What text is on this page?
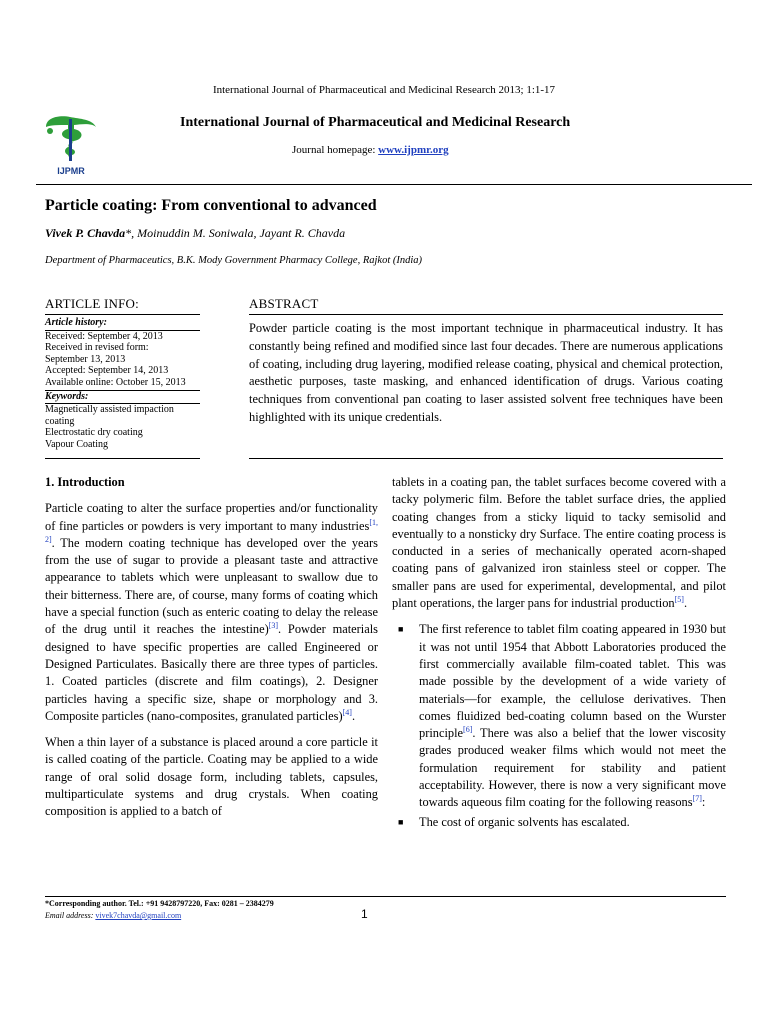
International Journal of Pharmaceutical and Medicinal Research 2013; 1:1-17
IJPMR
International Journal of Pharmaceutical and Medicinal Research
Journal homepage: www.ijpmr.org
Particle coating: From conventional to advanced
Vivek P. Chavda*, Moinuddin M. Soniwala, Jayant R. Chavda
Department of Pharmaceutics, B.K. Mody Government Pharmacy College, Rajkot (India)
ARTICLE INFO:	ABSTRACT
Article history:
Received: September 4, 2013
Received in revised form:
September 13, 2013
Accepted: September 14, 2013
Available online: October 15, 2013
Keywords:
Magnetically assisted impaction coating
Electrostatic dry coating
Vapour Coating
Powder particle coating is the most important technique in pharmaceutical industry. It has constantly being refined and modified since last four decades. There are numerous applications of coating, including drug layering, modified release coating, physical and chemical protection, aesthetic purposes, taste masking, and enhanced identification of drugs. Various coating techniques from conventional pan coating to laser assisted solvent free techniques have been highlighted with its unique credentials.
1. Introduction

Particle coating to alter the surface properties and/or functionality of fine particles or powders is very important to many industries[1, 2]. The modern coating technique has developed over the years from the use of sugar to provide a pleasant taste and attractive appearance to tablets which were unpleasant to swallow due to their bitterness. There are, of course, many forms of coating which have a special function (such as enteric coating to delay the release of the drug until it reaches the intestine)[3]. Powder materials designed to have specific properties are called Engineered or Designed Particulates. Basically there are three types of particles. 1. Coated particles (discrete and film coatings), 2. Designer particles having a specific size, shape or morphology and 3. Composite particles (nano-composites, granulated particles)[4].

When a thin layer of a substance is placed around a core particle it is called coating of the particle. Coating may be applied to a wide range of oral solid dosage form, including tablets, capsules, multiparticulate systems and drug crystals. When coating composition is applied to a batch of

tablets in a coating pan, the tablet surfaces become covered with a tacky polymeric film. Before the tablet surface dries, the applied coating changes from a sticky liquid to tacky semisolid and eventually to a nonsticky dry Surface. The entire coating process is conducted in a series of mechanically operated acorn-shaped coating pans of galvanized iron stainless steel or copper. The smaller pans are used for experimental, developmental, and pilot plant operations, the larger pans for industrial production[5].

■ The first reference to tablet film coating appeared in 1930 but it was not until 1954 that Abbott Laboratories produced the first commercially available film-coated tablet. This was made possible by the development of a wide variety of materials—for example, the cellulose derivatives. Then comes fluidized bed-coating column based on the Wurster principle[6]. There was also a belief that the lower viscosity grades produced weaker films which would not meet the formulation requirement for stability and patient acceptability. However, there is now a very significant move towards aqueous film coating for the following reasons[7]:
■ The cost of organic solvents has escalated.
*Corresponding author. Tel.: +91 9428797220, Fax: 0281 – 2384279
Email address: vivek7chavda@gmail.com	1
